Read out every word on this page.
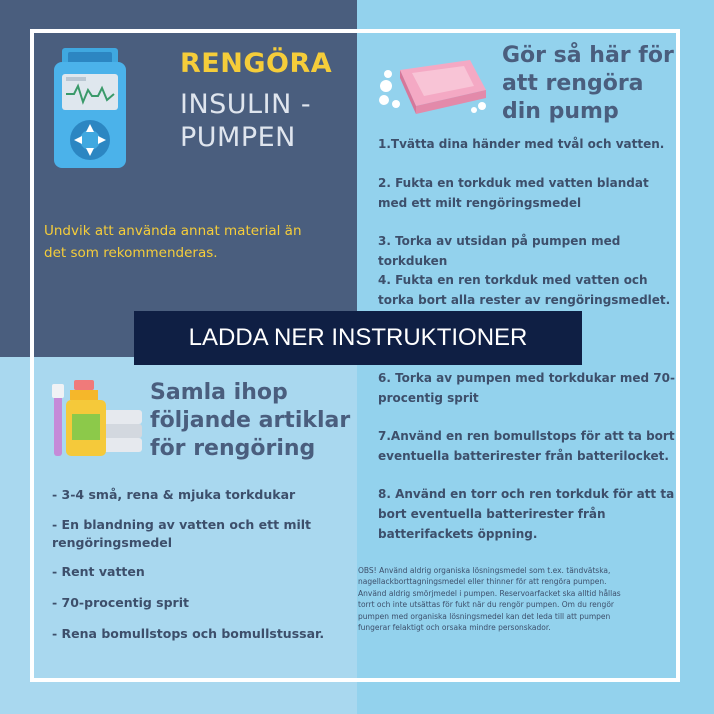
RENGÖRA
INSULIN -
PUMPEN
Undvik att använda annat material än det som rekommenderas.
Gör så här för
att rengöra
din pump
1.Tvätta dina händer med tvål och vatten.
2. Fukta en torkduk med vatten blandat med ett milt rengöringsmedel
3. Torka av utsidan på pumpen med torkduken
4. Fukta en ren torkduk med vatten och torka bort alla rester av rengöringsmedlet.
6. Torka av pumpen med torkdukar med 70-procentig sprit
7.Använd en ren bomullstops för att ta bort eventuella batterirester från batterilocket.
8. Använd en torr och ren torkduk för att ta bort eventuella batterirester från batterifackets öppning.
LADDA NER INSTRUKTIONER
Samla ihop
följande artiklar
för rengöring
- 3-4 små, rena & mjuka torkdukar
- En blandning av vatten och ett milt rengöringsmedel
- Rent vatten
- 70-procentig sprit
- Rena bomullstops och bomullstussar.
OBS! Använd aldrig organiska lösningsmedel som t.ex. tändvätska, nagellackborttagningsmedel eller thinner för att rengöra pumpen.
Använd aldrig smörjmedel i pumpen. Reservoarfacket ska alltid hållas torrt och inte utsättas för fukt när du rengör pumpen. Om du rengör pumpen med organiska lösningsmedel kan det leda till att pumpen fungerar felaktigt och orsaka mindre personskador.
